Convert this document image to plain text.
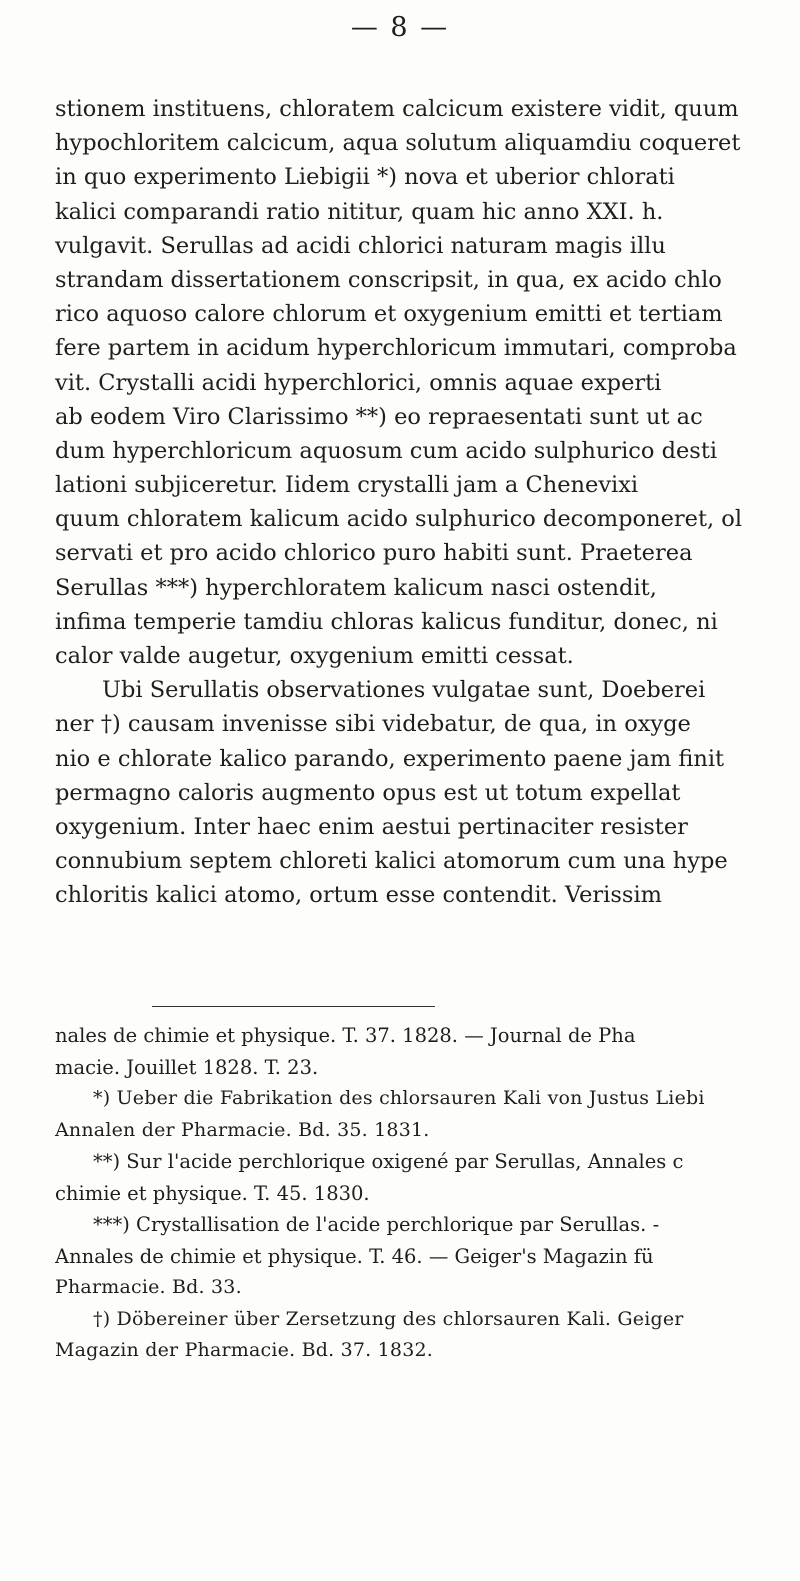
— 8 —
stionem instituens, chloratem calcicum existere vidit, quum
hypochloritem calcicum, aqua solutum aliquamdiu coqueret
in quo experimento Liebigii *) nova et uberior chlorati
kalici comparandi ratio nititur, quam hic anno XXI. h.
vulgavit. Serullas ad acidi chlorici naturam magis illu
strandam dissertationem conscripsit, in qua, ex acido chlo
rico aquoso calore chlorum et oxygenium emitti et tertiam
fere partem in acidum hyperchloricum immutari, comproba
vit. Crystalli acidi hyperchlorici, omnis aquae experti
ab eodem Viro Clarissimo **) eo repraesentati sunt ut ac
dum hyperchloricum aquosum cum acido sulphurico desti
lationi subjiceretur. Iidem crystalli jam a Chenevixi
quum chloratem kalicum acido sulphurico decomponeret, ol
servati et pro acido chlorico puro habiti sunt. Praeterea
Serullas ***) hyperchloratem kalicum nasci ostendit,
infima temperie tamdiu chloras kalicus funditur, donec, ni
calor valde augetur, oxygenium emitti cessat.
Ubi Serullatis observationes vulgatae sunt, Doeberei
ner †) causam invenisse sibi videbatur, de qua, in oxyge
nio e chlorate kalico parando, experimento paene jam finit
permagno caloris augmento opus est ut totum expellat
oxygenium. Inter haec enim aestui pertinaciter resister
connubium septem chloreti kalici atomorum cum una hype
chloritis kalici atomo, ortum esse contendit. Verissim
nales de chimie et physique. T. 37. 1828. — Journal de Pha
macie. Jouillet 1828. T. 23.
*) Ueber die Fabrikation des chlorsauren Kali von Justus Liebi
Annalen der Pharmacie. Bd. 35. 1831.
**) Sur l'acide perchlorique oxigené par Serullas, Annales c
chimie et physique. T. 45. 1830.
***) Crystallisation de l'acide perchlorique par Serullas. -
Annales de chimie et physique. T. 46. — Geiger's Magazin fü
Pharmacie. Bd. 33.
†) Döbereiner über Zersetzung des chlorsauren Kali. Geiger
Magazin der Pharmacie. Bd. 37. 1832.
